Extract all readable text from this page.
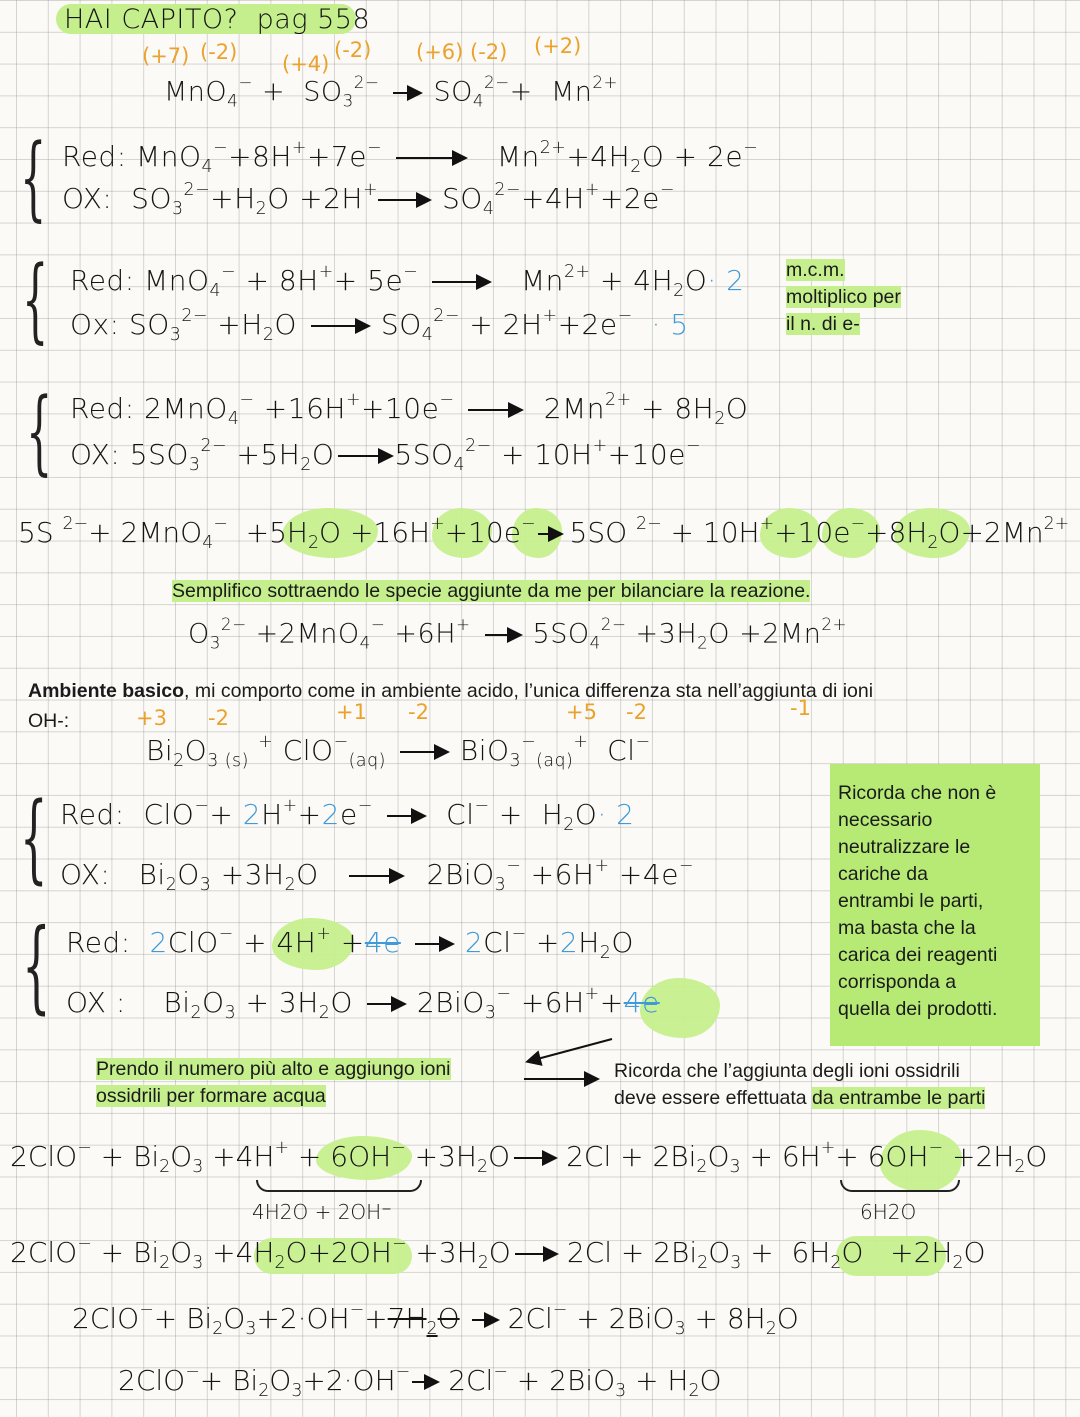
HAI CAPITO? pag 558
(+7) (-2) (+4)
(-2) (+6) (-2) (+2)
$MnO_4^- + SO_3^{2-}$ $SO_4^{2-}+ Mn^{2+}$
{ Red: MnO$_4$−+8H++7e−	$Mn^{2+}+4H_2O + 2e^-$
OX:  $SO_3^{2-}+H_2O +2H^+$ $SO_4^{2-}+4H^++2e^-$
{ Red: MnO$_4$− + 8H++ 5e−	$Mn^{2+} + 4H_2O\cdot 2$
Ox: $SO_3^{2-} +H_2O$	$SO_4^{2-} + 2H^++2e^- \cdot 5$
m.c.m.
moltiplico per
il n. di e-
{ Red: 2MnO$_4$− +16H++10e−	$2Mn^{2+} + 8H_2O$
OX: $5SO_3^{2-} +5H_2O$ $5SO_4^{2-} + 10H^++10e^-$
5S $^{2-}+ 2MnO_4^- +5H_2O +16H^++10e^-$ 5SO $^{2-} + 10H^++10e^-+8H_2O+2Mn^{2+}$
Semplifico sottraendo le specie aggiunte da me per bilanciare la reazione.
$O_3^{2-} +2MnO_4^- +6H^+$ $5SO_4^{2-} +3H_2O +2Mn^{2+}$
Ambiente basico, mi comporto come in ambiente acido, l’unica differenza sta nell’aggiunta di ioni
OH-:	+3 -2	+1 -2	+5 -2	-1
$Bi_2O_{3 (s)}$ + ClO−$_{(aq)}$	BiO$_3$−$_{(aq)}$+  Cl−
{ Red:  ClO−+ 2H++2e− $Cl^- + H_2O\cdot 2$
OX:   $Bi_2O_3 +3H_2O$	2BiO$_3$− +6H+ +4e−
Ricorda che non è
necessario
neutralizzare le
cariche da
entrambi le parti,
ma basta che la
carica dei reagenti
corrisponda a
quella dei prodotti.
{ Red: 2ClO− + 4H+ +4e $2Cl^- +2H_2O$
OX :    $Bi_2O_3 + 3H_2O$ 2BiO$_3$− +6H++4e
Prendo il numero più alto e aggiungo ioni
ossidrili per formare acqua
Ricorda che l’aggiunta degli ioni ossidrili
deve essere effettuata da entrambe le parti
$2ClO^- + Bi_2O_3 +4H^+ + 6OH^- +3H_2O$ $2Cl + 2Bi_2O_3 + 6H^++ 6OH^- +2H_2O$
4H2O + 2OH⁻	6H2O
$2ClO^- + Bi_2O_3 +4H_2O+2OH^- +3H_2O$ $2Cl + 2Bi_2O_3 + 6H_2O +2H_2O$
$2ClO^-+ Bi_2O_3+2\cdot OH^-+7H_2O$ $2Cl^- + 2BiO_3 + 8H_2O$
$2ClO^-+ Bi_2O_3+2\cdot OH^-$ $2Cl^- + 2BiO_3 + H_2O$
